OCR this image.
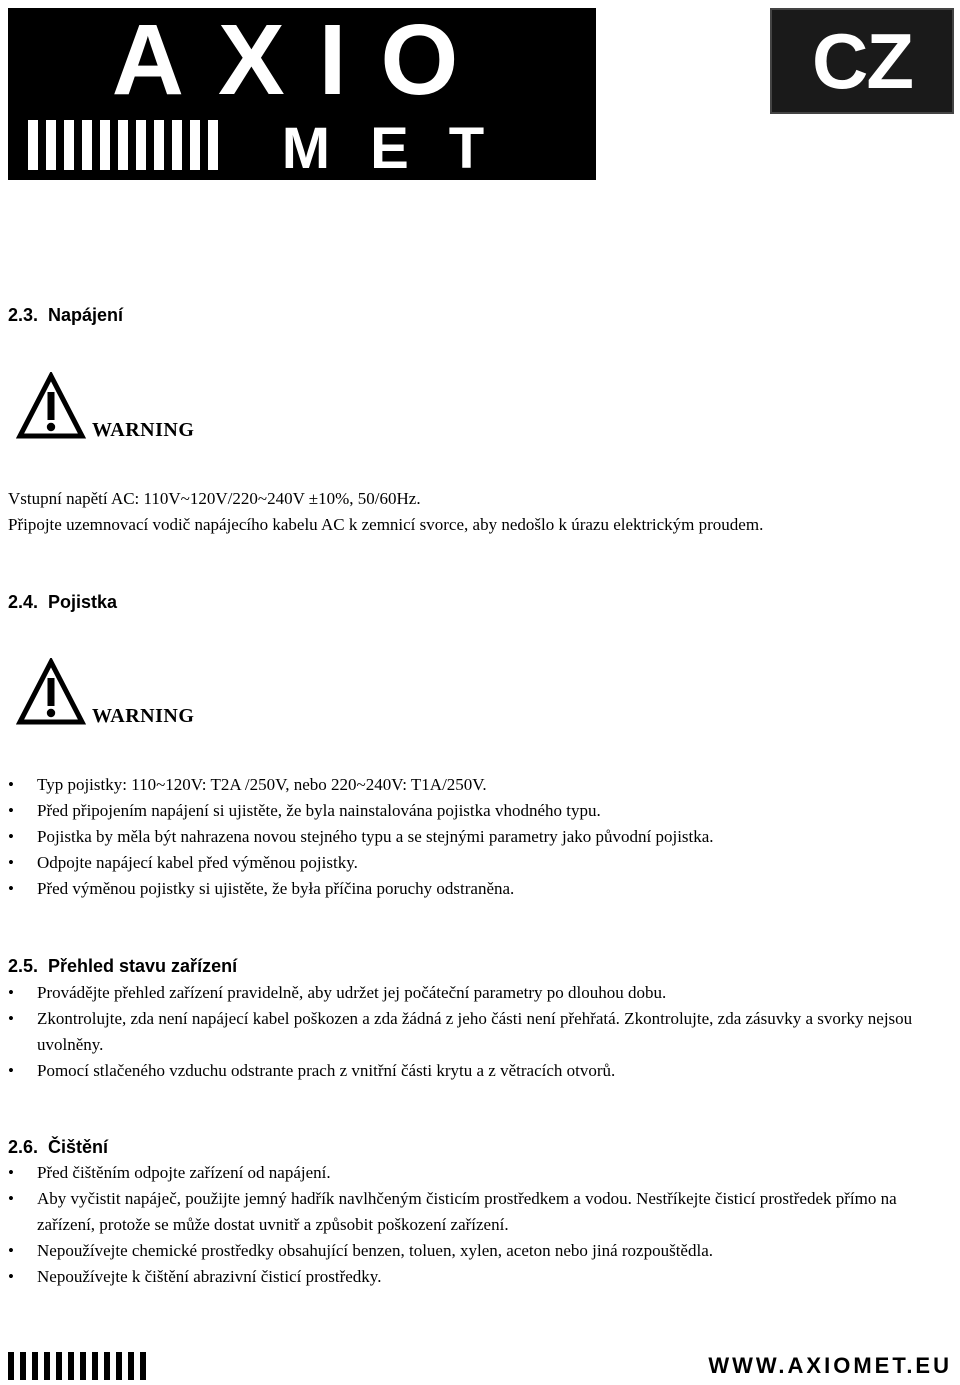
AXIO
MET
CZ
2.3. Napájení
WARNING
Vstupní napětí AC: 110V~120V/220~240V ±10%, 50/60Hz.
Připojte uzemnovací vodič napájecího kabelu AC k zemnicí svorce, aby nedošlo k úrazu elektrickým proudem.
2.4. Pojistka
WARNING
• Typ pojistky: 110~120V: T2A /250V, nebo 220~240V: T1A/250V.
• Před připojením napájení si ujistěte, že byla nainstalována pojistka vhodného typu.
• Pojistka by měla být nahrazena novou stejného typu a se stejnými parametry jako původní pojistka.
• Odpojte napájecí kabel před výměnou pojistky.
• Před výměnou pojistky si ujistěte, že była příčina poruchy odstraněna.
2.5. Přehled stavu zařízení
• Provádějte přehled zařízení pravidelně, aby udržet jej počáteční parametry po dlouhou dobu.
• Zkontrolujte, zda není napájecí kabel poškozen a zda žádná z jeho části není přehřatá. Zkontrolujte, zda zásuvky a svorky nejsou uvolněny.
• Pomocí stlačeného vzduchu odstrante prach z vnitřní části krytu a z větracích otvorů.
2.6. Čištění
• Před čištěním odpojte zařízení od napájení.
• Aby vyčistit napáječ, použijte jemný hadřík navlhčeným čisticím prostředkem a vodou. Nestříkejte čisticí prostředek přímo na zařízení, protože se může dostat uvnitř a způsobit poškození zařízení.
• Nepoužívejte chemické prostředky obsahující benzen, toluen, xylen, aceton nebo jiná rozpouštědla.
• Nepoužívejte k čištění abrazivní čisticí prostředky.
WWW.AXIOMET.EU
